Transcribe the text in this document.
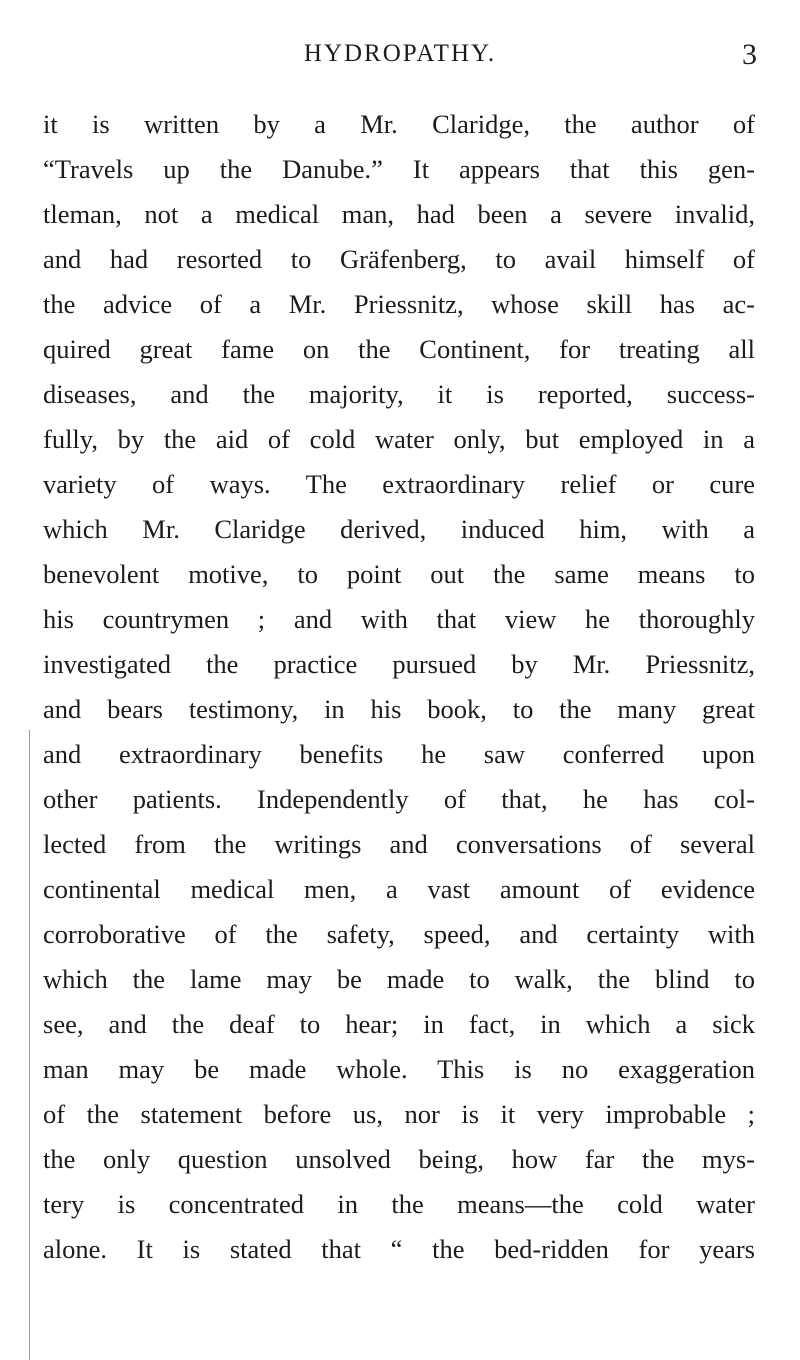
HYDROPATHY.	3
it is written by a Mr. Claridge, the author of
“Travels up the Danube.” It appears that this gen-
tleman, not a medical man, had been a severe invalid,
and had resorted to Gräfenberg, to avail himself of
the advice of a Mr. Priessnitz, whose skill has ac-
quired great fame on the Continent, for treating all
diseases, and the majority, it is reported, success-
fully, by the aid of cold water only, but employed in a
variety of ways. The extraordinary relief or cure
which Mr. Claridge derived, induced him, with a
benevolent motive, to point out the same means to
his countrymen ; and with that view he thoroughly
investigated the practice pursued by Mr. Priessnitz,
and bears testimony, in his book, to the many great
and extraordinary benefits he saw conferred upon
other patients. Independently of that, he has col-
lected from the writings and conversations of several
continental medical men, a vast amount of evidence
corroborative of the safety, speed, and certainty with
which the lame may be made to walk, the blind to
see, and the deaf to hear; in fact, in which a sick
man may be made whole. This is no exaggeration
of the statement before us, nor is it very improbable ;
the only question unsolved being, how far the mys-
tery is concentrated in the means—the cold water
alone. It is stated that “ the bed-ridden for years
